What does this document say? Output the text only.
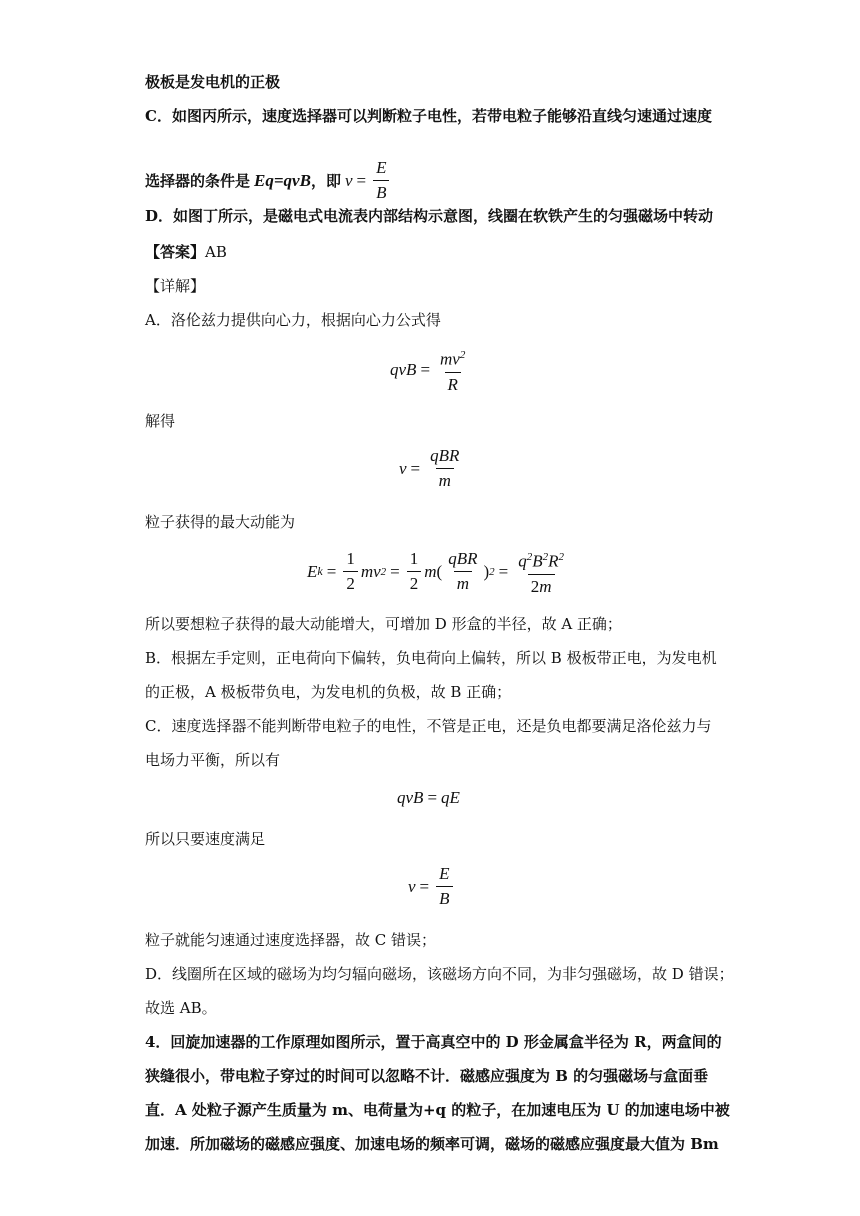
极板是发电机的正极
C．如图丙所示，速度选择器可以判断粒子电性，若带电粒子能够沿直线匀速通过速度
选择器的条件是 Eq=qvB ，即 $v = \frac{E}{B}$
D．如图丁所示，是磁电式电流表内部结构示意图，线圈在软铁产生的匀强磁场中转动
【答案】AB
【详解】
A．洛伦兹力提供向心力，根据向心力公式得
qvB = $\frac{mv^2}{R}$
解得
$v = \frac{\text{qBR}}{m}$
粒子获得的最大动能为
E $k = \frac{1}{2}$ mv $2 = \frac{1}{2}$ m ( $\frac{\text{qBR}}{m}$ ) $2 = \frac{q^2B^2R^2}{2m}$
所以要想粒子获得的最大动能增大，可增加 D 形盒的半径，故 A 正确；
B．根据左手定则，正电荷向下偏转，负电荷向上偏转，所以 B 极板带正电，为发电机
的正极，A 极板带负电，为发电机的负极，故 B 正确；
C．速度选择器不能判断带电粒子的电性，不管是正电，还是负电都要满足洛伦兹力与
电场力平衡，所以有
qvB = qE
所以只要速度满足
$v = \frac{E}{B}$
粒子就能匀速通过速度选择器，故 C 错误；
D．线圈所在区域的磁场为均匀辐向磁场，该磁场方向不同，为非匀强磁场，故 D 错误；
故选 AB。
4．回旋加速器的工作原理如图所示，置于高真空中的 D 形金属盒半径为 R，两盒间的
狭缝很小，带电粒子穿过的时间可以忽略不计．磁感应强度为 B 的匀强磁场与盒面垂
直．A 处粒子源产生质量为 m、电荷量为+q 的粒子，在加速电压为 U 的加速电场中被
加速．所加磁场的磁感应强度、加速电场的频率可调，磁场的磁感应强度最大值为 Bm
